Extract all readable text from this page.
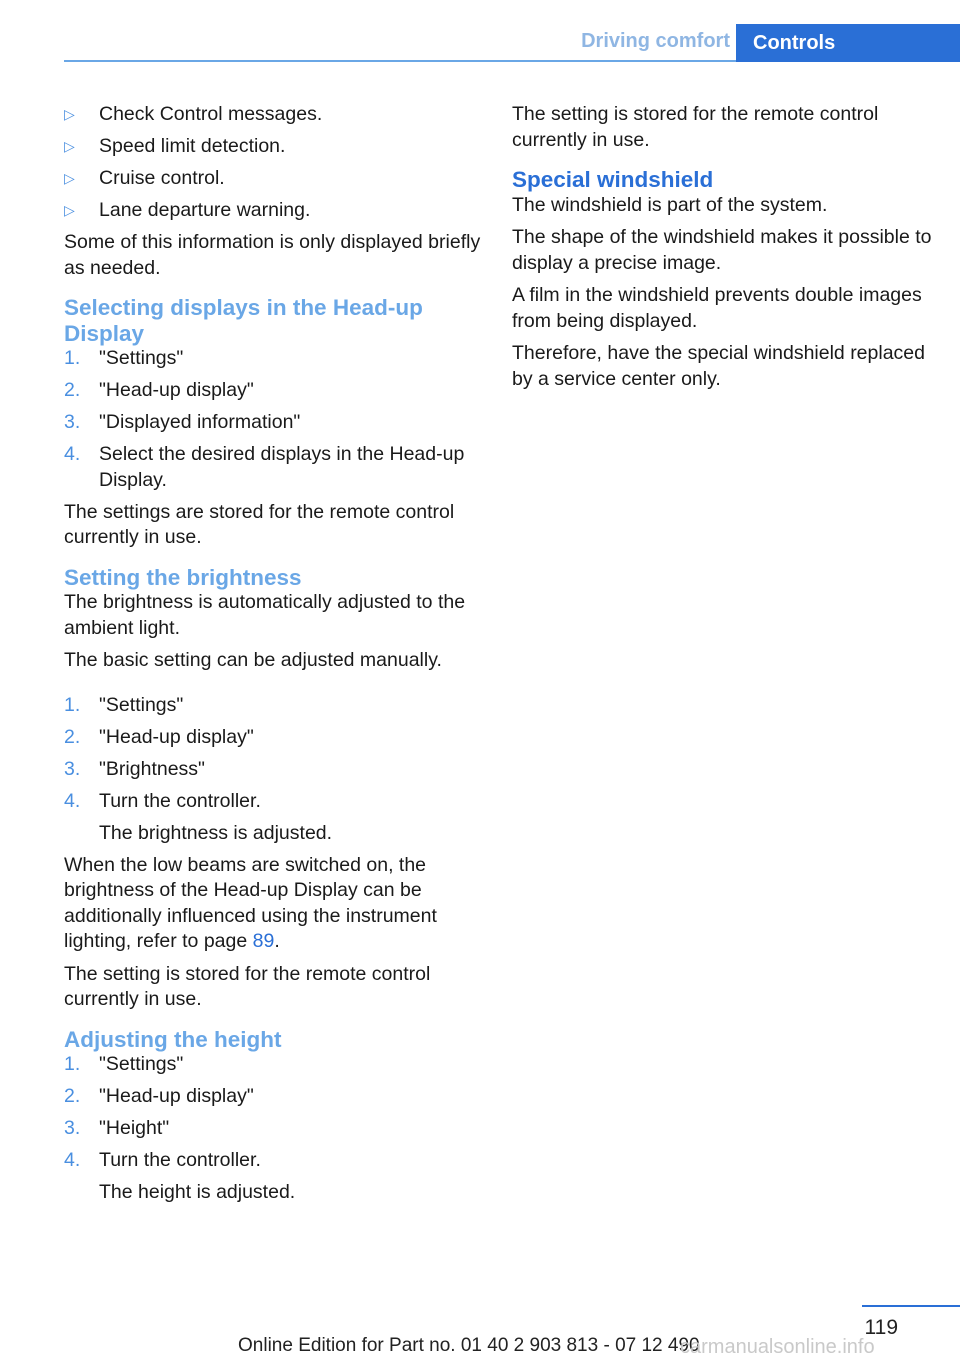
Driving comfort	Controls
▷ Check Control messages.
▷ Speed limit detection.
▷ Cruise control.
▷ Lane departure warning.

Some of this information is only displayed briefly as needed.

Selecting displays in the Head-up Display
1. "Settings"
2. "Head-up display"
3. "Displayed information"
4. Select the desired displays in the Head-up Display.

The settings are stored for the remote control currently in use.

Setting the brightness

The brightness is automatically adjusted to the ambient light.

The basic setting can be adjusted manually.

1. "Settings"
2. "Head-up display"
3. "Brightness"
4. Turn the controller.
The brightness is adjusted.

When the low beams are switched on, the brightness of the Head-up Display can be additionally influenced using the instrument lighting, refer to page 89.

The setting is stored for the remote control currently in use.

Adjusting the height
1. "Settings"
2. "Head-up display"
3. "Height"
4. Turn the controller.
The height is adjusted.

The setting is stored for the remote control currently in use.

Special windshield

The windshield is part of the system.

The shape of the windshield makes it possible to display a precise image.

A film in the windshield prevents double images from being displayed.

Therefore, have the special windshield replaced by a service center only.

119
Online Edition for Part no. 01 40 2 903 813 - 07 12 490
carmanualsonline.info
